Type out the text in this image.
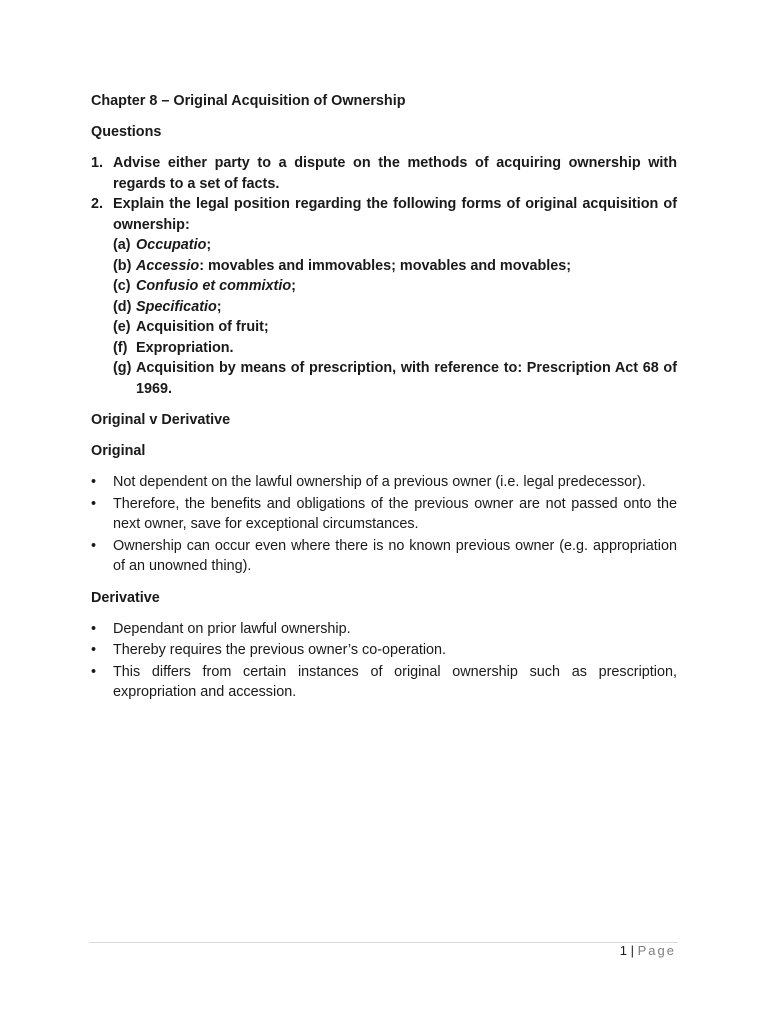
Chapter 8 – Original Acquisition of Ownership

Questions

1. Advise either party to a dispute on the methods of acquiring ownership with regards to a set of facts.
2. Explain the legal position regarding the following forms of original acquisition of ownership:
(a) Occupatio;
(b) Accessio: movables and immovables; movables and movables;
(c) Confusio et commixtio;
(d) Specificatio;
(e) Acquisition of fruit;
(f) Expropriation.
(g) Acquisition by means of prescription, with reference to: Prescription Act 68 of 1969.

Original v Derivative

Original

• Not dependent on the lawful ownership of a previous owner (i.e. legal predecessor).
• Therefore, the benefits and obligations of the previous owner are not passed onto the next owner, save for exceptional circumstances.
• Ownership can occur even where there is no known previous owner (e.g. appropriation of an unowned thing).

Derivative

• Dependant on prior lawful ownership.
• Thereby requires the previous owner’s co-operation.
• This differs from certain instances of original ownership such as prescription, expropriation and accession.
1 | Page
